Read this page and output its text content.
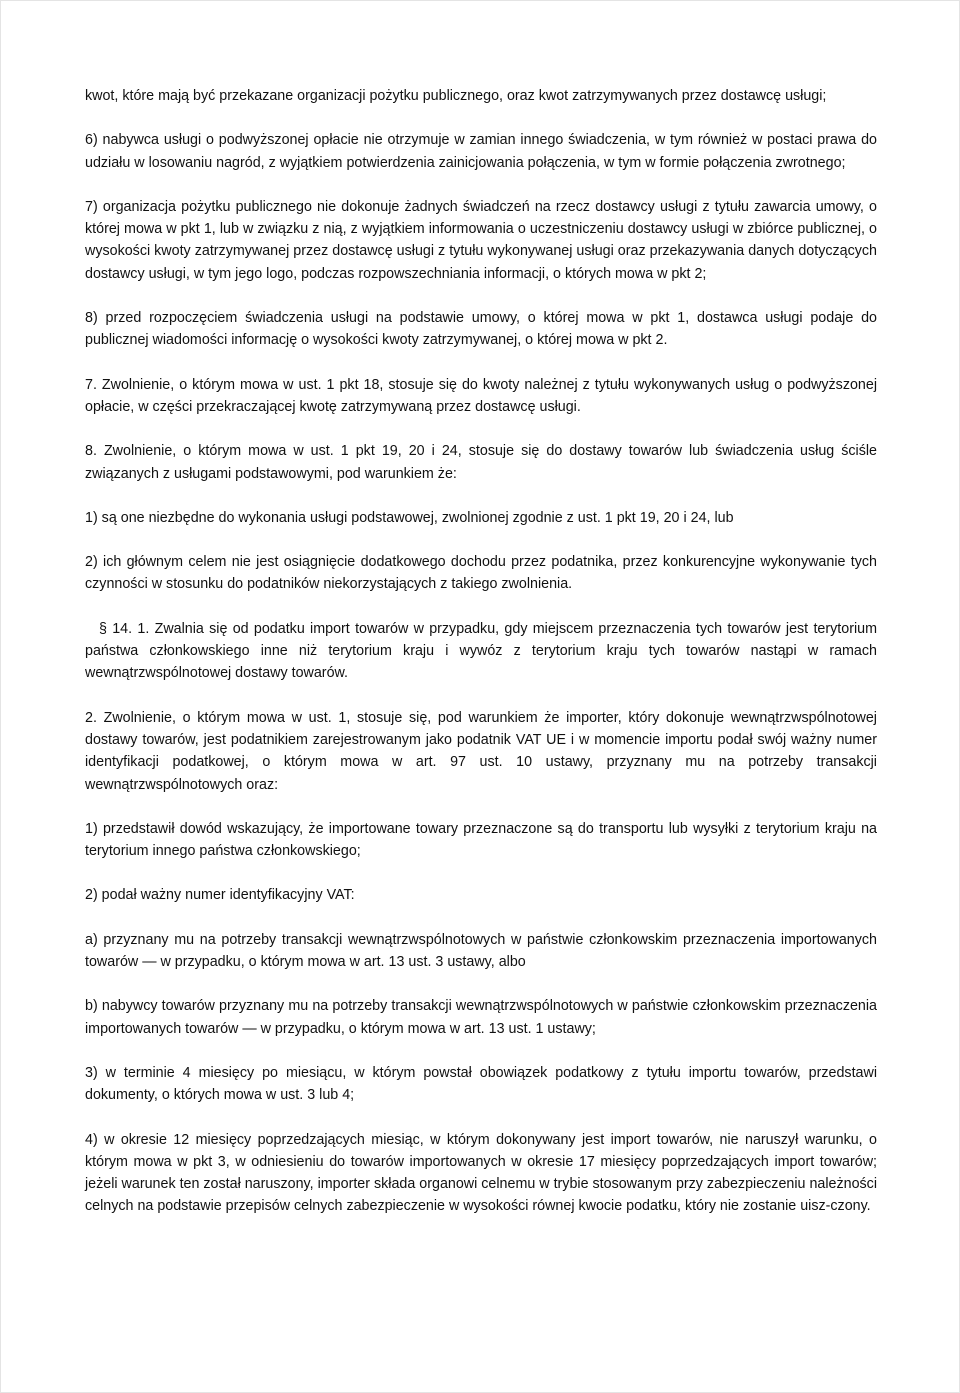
kwot, które mają być przekazane organizacji pożytku publicznego, oraz kwot zatrzymywanych przez dostawcę usługi;

6) nabywca usługi o podwyższonej opłacie nie otrzymuje w zamian innego świadczenia, w tym również w postaci prawa do udziału w losowaniu nagród, z wyjątkiem potwierdzenia zainicjowania połączenia, w tym w formie połączenia zwrotnego;

7) organizacja pożytku publicznego nie dokonuje żadnych świadczeń na rzecz dostawcy usługi z tytułu zawarcia umowy, o której mowa w pkt 1, lub w związku z nią, z wyjątkiem informowania o uczestniczeniu dostawcy usługi w zbiórce publicznej, o wysokości kwoty zatrzymywanej przez dostawcę usługi z tytułu wykonywanej usługi oraz przekazywania danych dotyczących dostawcy usługi, w tym jego logo, podczas rozpowszechniania informacji, o których mowa w pkt 2;

8) przed rozpoczęciem świadczenia usługi na podstawie umowy, o której mowa w pkt 1, dostawca usługi podaje do publicznej wiadomości informację o wysokości kwoty zatrzymywanej, o której mowa w pkt 2.

7. Zwolnienie, o którym mowa w ust. 1 pkt 18, stosuje się do kwoty należnej z tytułu wykonywanych usług o podwyższonej opłacie, w części przekraczającej kwotę zatrzymywaną przez dostawcę usługi.

8. Zwolnienie, o którym mowa w ust. 1 pkt 19, 20 i 24, stosuje się do dostawy towarów lub świadczenia usług ściśle związanych z usługami podstawowymi, pod warunkiem że:

1) są one niezbędne do wykonania usługi podstawowej, zwolnionej zgodnie z ust. 1 pkt 19, 20 i 24, lub

2) ich głównym celem nie jest osiągnięcie dodatkowego dochodu przez podatnika, przez konkurencyjne wykonywanie tych czynności w stosunku do podatników niekorzystających z takiego zwolnienia.

§ 14. 1. Zwalnia się od podatku import towarów w przypadku, gdy miejscem przeznaczenia tych towarów jest terytorium państwa członkowskiego inne niż terytorium kraju i wywóz z terytorium kraju tych towarów nastąpi w ramach wewnątrzwspólnotowej dostawy towarów.

2. Zwolnienie, o którym mowa w ust. 1, stosuje się, pod warunkiem że importer, który dokonuje wewnątrzwspólnotowej dostawy towarów, jest podatnikiem zarejestrowanym jako podatnik VAT UE i w momencie importu podał swój ważny numer identyfikacji podatkowej, o którym mowa w art. 97 ust. 10 ustawy, przyznany mu na potrzeby transakcji wewnątrzwspólnotowych oraz:

1) przedstawił dowód wskazujący, że importowane towary przeznaczone są do transportu lub wysyłki z terytorium kraju na terytorium innego państwa członkowskiego;

2) podał ważny numer identyfikacyjny VAT:

a) przyznany mu na potrzeby transakcji wewnątrzwspólnotowych w państwie członkowskim przeznaczenia importowanych towarów — w przypadku, o którym mowa w art. 13 ust. 3 ustawy, albo

b) nabywcy towarów przyznany mu na potrzeby transakcji wewnątrzwspólnotowych w państwie członkowskim przeznaczenia importowanych towarów — w przypadku, o którym mowa w art. 13 ust. 1 ustawy;

3) w terminie 4 miesięcy po miesiącu, w którym powstał obowiązek podatkowy z tytułu importu towarów, przedstawi dokumenty, o których mowa w ust. 3 lub 4;

4) w okresie 12 miesięcy poprzedzających miesiąc, w którym dokonywany jest import towarów, nie naruszył warunku, o którym mowa w pkt 3, w odniesieniu do towarów importowanych w okresie 17 miesięcy poprzedzających import towarów; jeżeli warunek ten został naruszony, importer składa organowi celnemu w trybie stosowanym przy zabezpieczeniu należności celnych na podstawie przepisów celnych zabezpieczenie w wysokości równej kwocie podatku, który nie zostanie uisz-czony.
